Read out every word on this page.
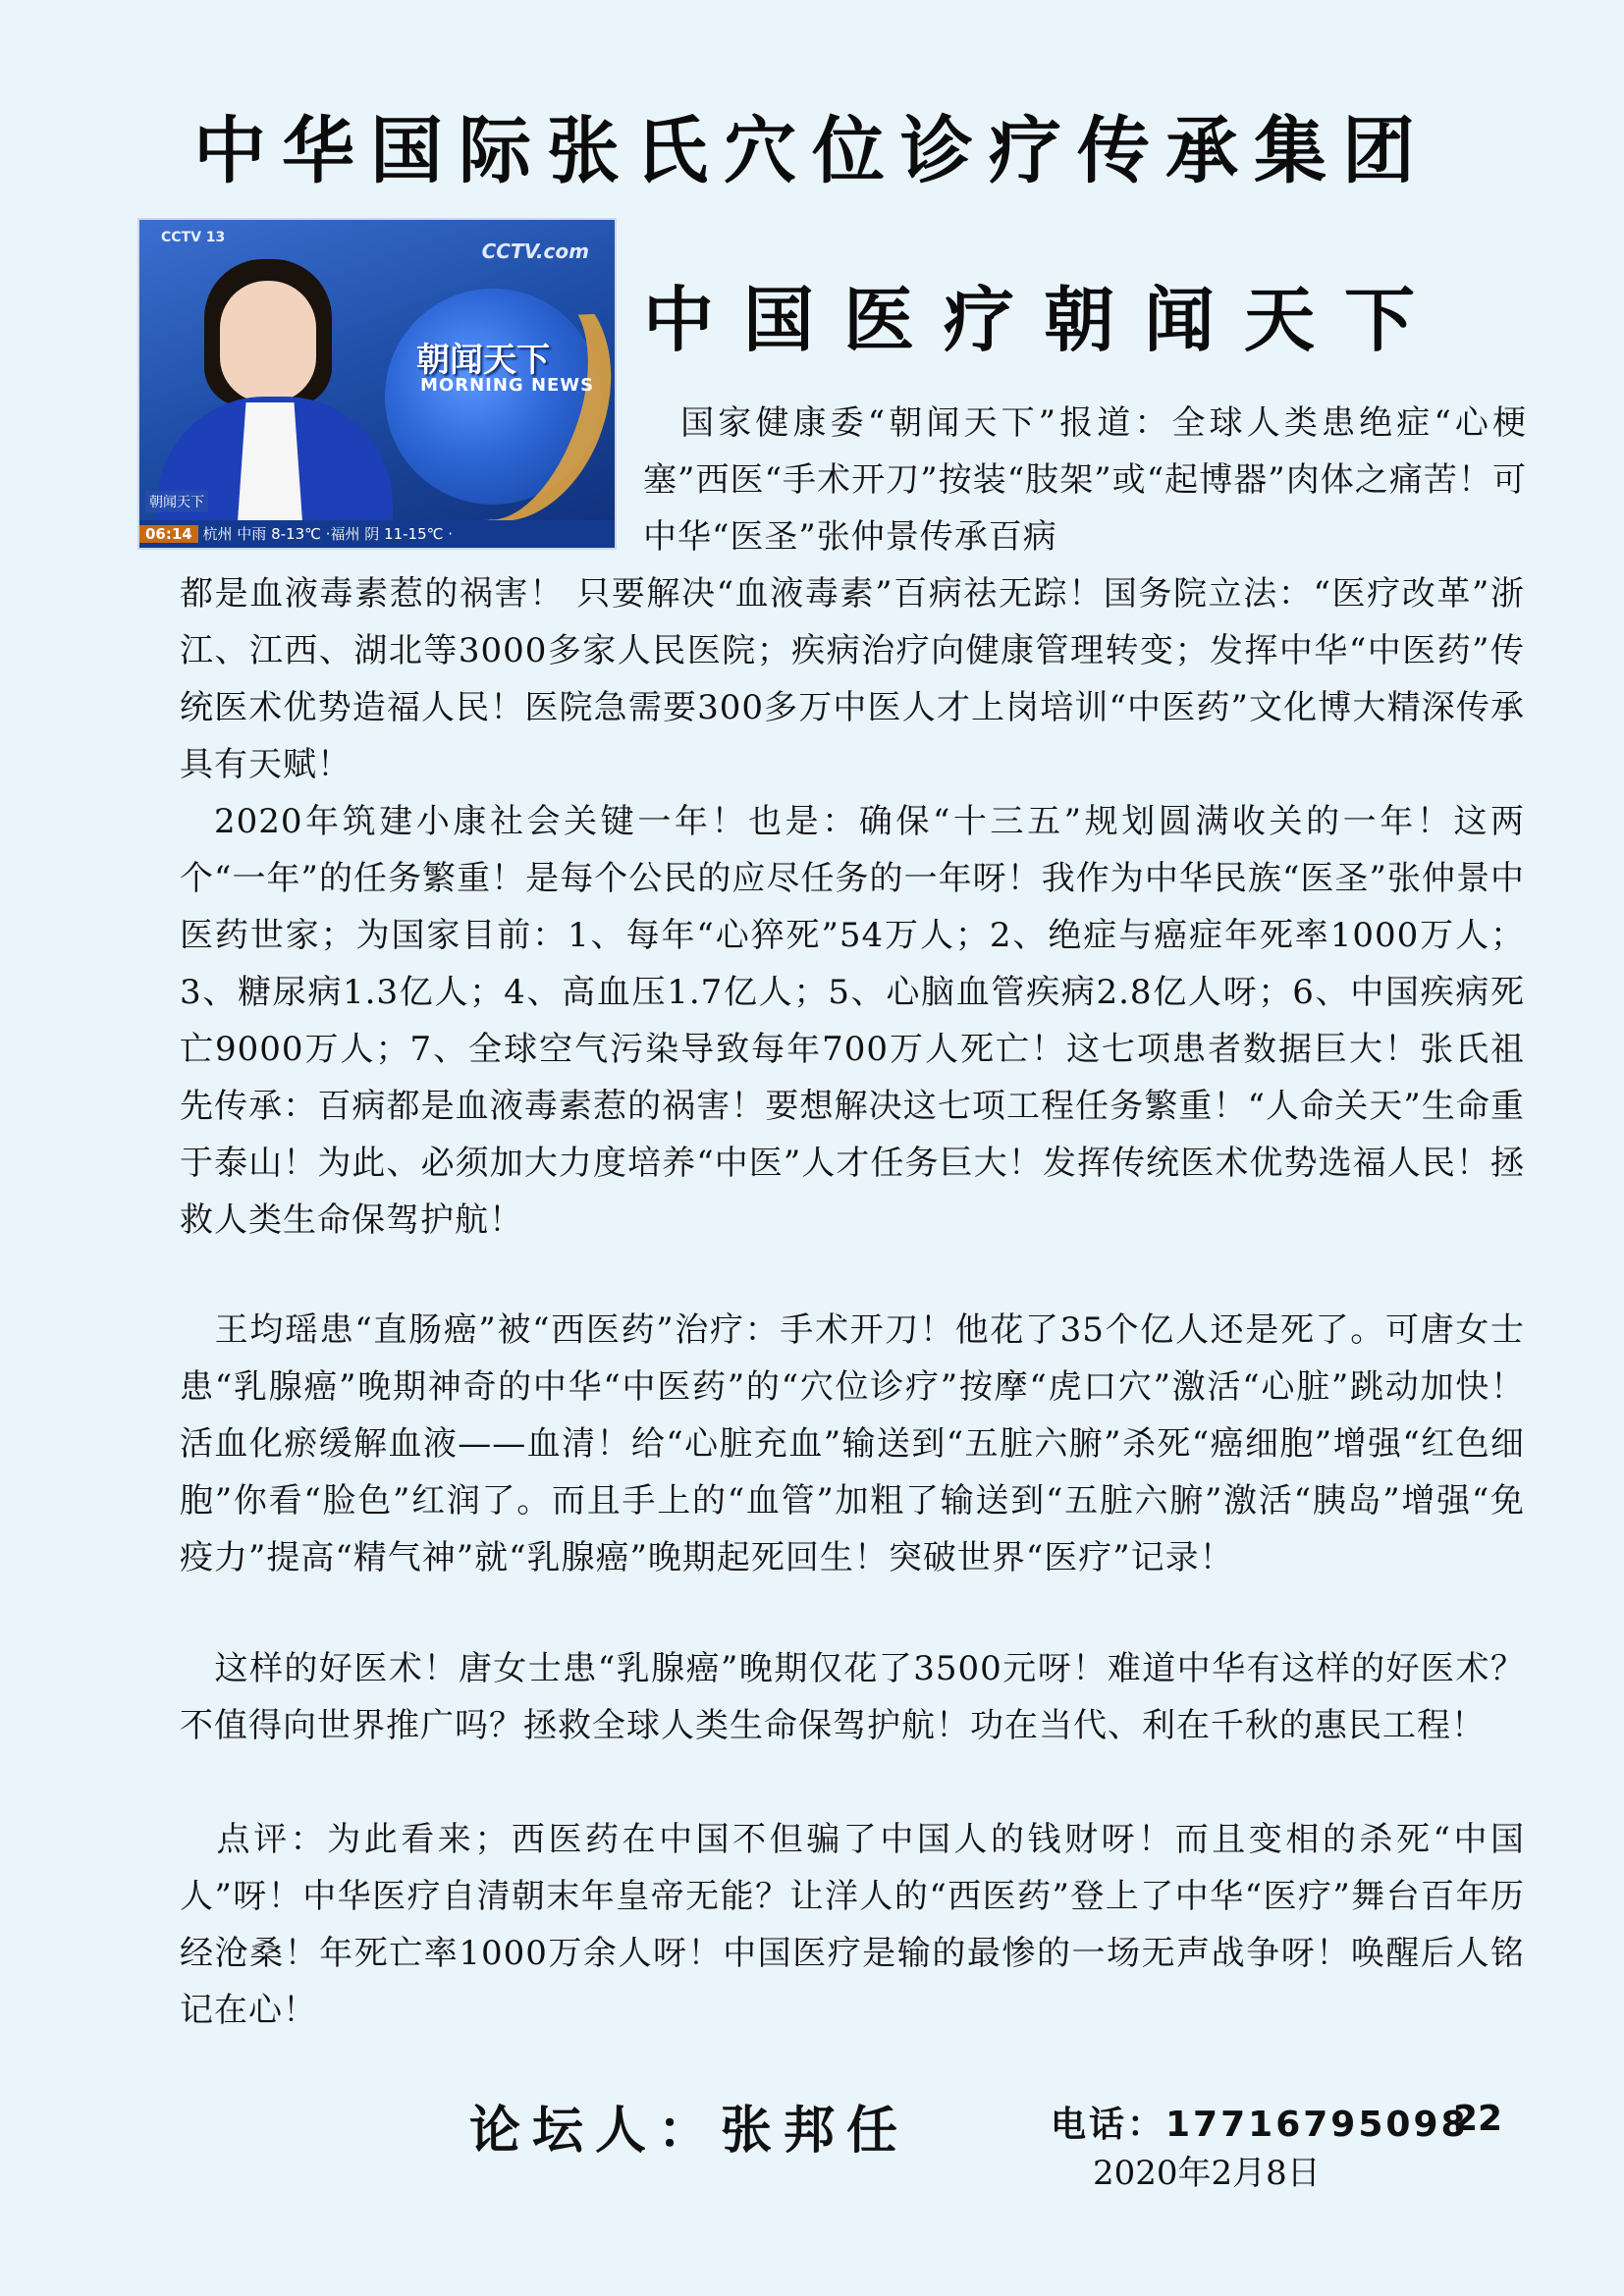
中华国际张氏穴位诊疗传承集团
CCTV 13
CCTV.com
朝闻天下
MORNING NEWS
朝闻天下
06:14 杭州 中雨 8-13℃ ·福州 阴 11-15℃ ·
中国医疗朝闻天下

 国家健康委“朝闻天下”报道：全球人类患绝症“心梗塞”西医“手术开刀”按装“肢架”或“起博器”肉体之痛苦！可中华“医圣”张仲景传承百病

都是血液毒素惹的祸害！ 只要解决“血液毒素”百病祛无踪！国务院立法：“医疗改革”浙江、江西、湖北等3000多家人民医院；疾病治疗向健康管理转变；发挥中华“中医药”传统医术优势造福人民！医院急需要300多万中医人才上岗培训“中医药”文化博大精深传承具有天赋！

 2020年筑建小康社会关键一年！也是：确保“十三五”规划圆满收关的一年！这两个“一年”的任务繁重！是每个公民的应尽任务的一年呀！我作为中华民族“医圣”张仲景中医药世家；为国家目前：1、每年“心猝死”54万人；2、绝症与癌症年死率1000万人；3、糖尿病1.3亿人；4、高血压1.7亿人；5、心脑血管疾病2.8亿人呀；6、中国疾病死亡9000万人；7、全球空气污染导致每年700万人死亡！这七项患者数据巨大！张氏祖先传承：百病都是血液毒素惹的祸害！要想解决这七项工程任务繁重！“人命关天”生命重于泰山！为此、必须加大力度培养“中医”人才任务巨大！发挥传统医术优势选福人民！拯救人类生命保驾护航！

 王均瑶患“直肠癌”被“西医药”治疗：手术开刀！他花了35个亿人还是死了。可唐女士患“乳腺癌”晚期神奇的中华“中医药”的“穴位诊疗”按摩“虎口穴”激活“心脏”跳动加快！活血化瘀缓解血液——血清！给“心脏充血”输送到“五脏六腑”杀死“癌细胞”增强“红色细胞”你看“脸色”红润了。而且手上的“血管”加粗了输送到“五脏六腑”激活“胰岛”增强“免疫力”提高“精气神”就“乳腺癌”晚期起死回生！突破世界“医疗”记录！

 这样的好医术！唐女士患“乳腺癌”晚期仅花了3500元呀！难道中华有这样的好医术？不值得向世界推广吗？拯救全球人类生命保驾护航！功在当代、利在千秋的惠民工程！

 点评：为此看来；西医药在中国不但骗了中国人的钱财呀！而且变相的杀死“中国人”呀！中华医疗自清朝末年皇帝无能？让洋人的“西医药”登上了中华“医疗”舞台百年历经沧桑！年死亡率1000万余人呀！中国医疗是输的最惨的一场无声战争呀！唤醒后人铭记在心！

论坛人：张邦任	电话：17716795098
2020年2月8日
22
